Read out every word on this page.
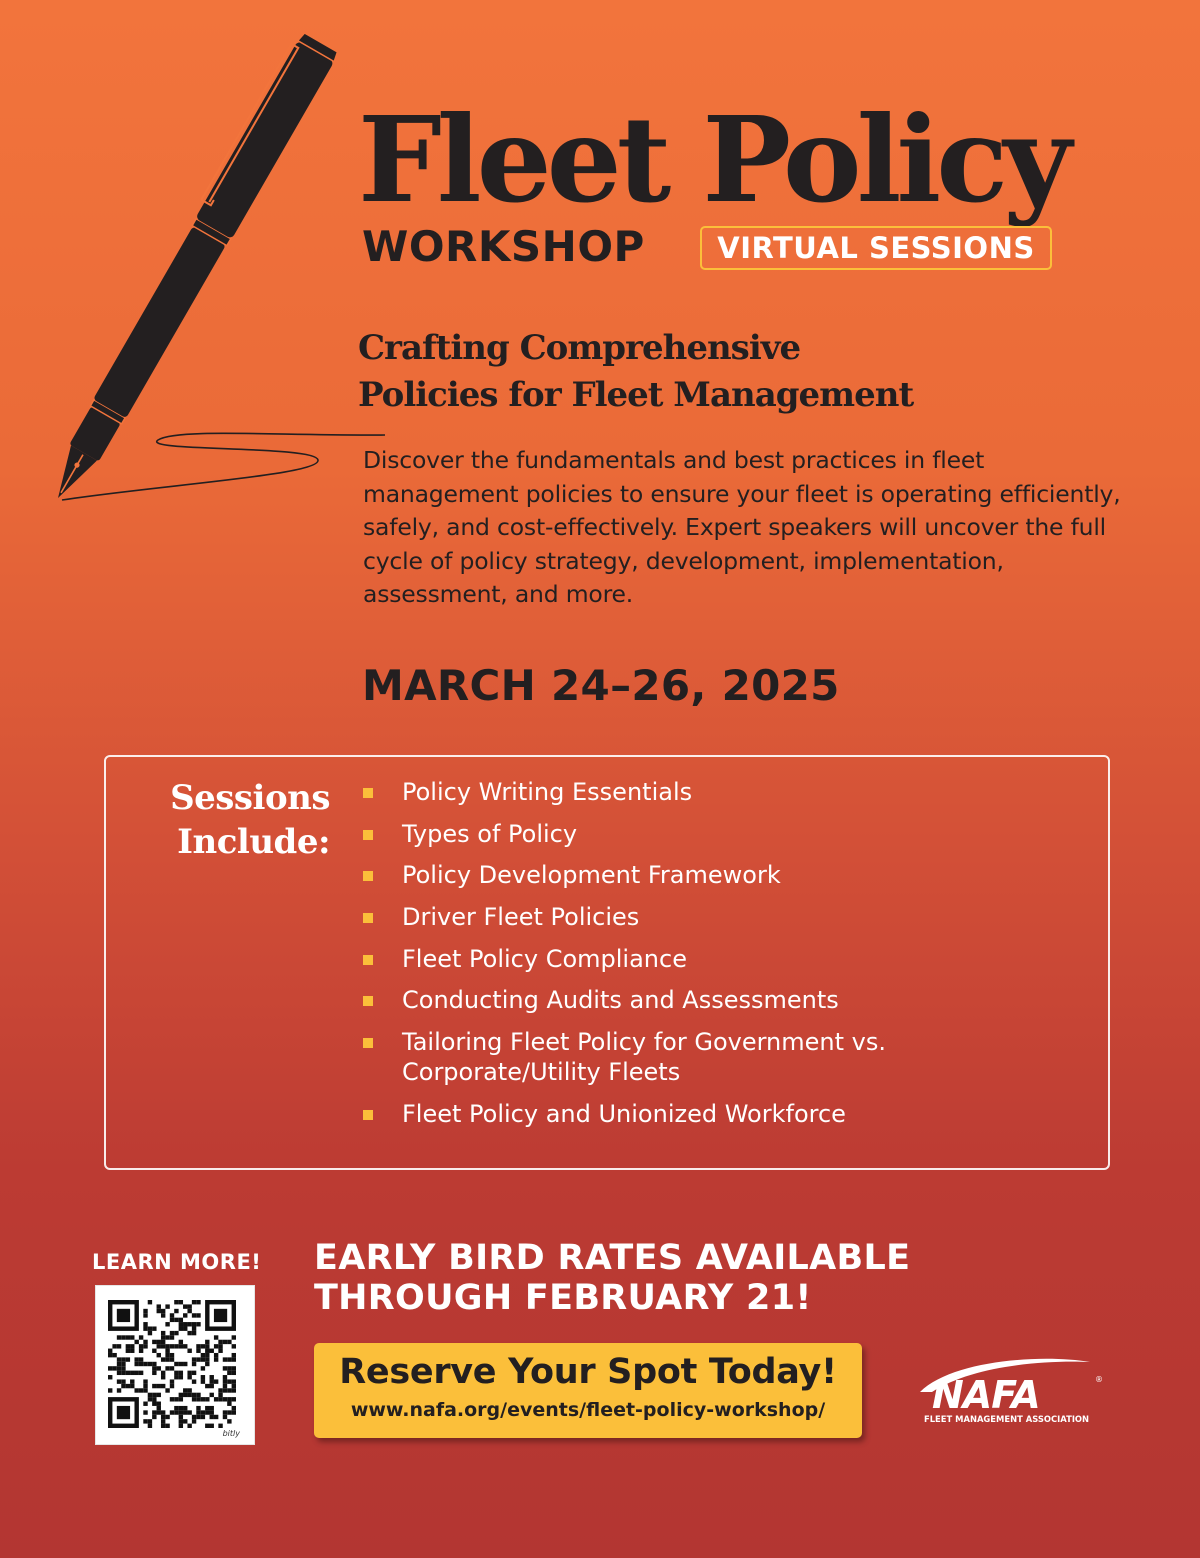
Fleet Policy
WORKSHOP	VIRTUAL SESSIONS
Crafting Comprehensive
Policies for Fleet Management

Discover the fundamentals and best practices in fleet management policies to ensure your fleet is operating efficiently, safely, and cost-effectively. Expert speakers will uncover the full cycle of policy strategy, development, implementation, assessment, and more.

MARCH 24–26, 2025
Sessions
Include:
Policy Writing Essentials
Types of Policy
Policy Development Framework
Driver Fleet Policies
Fleet Policy Compliance
Conducting Audits and Assessments
Tailoring Fleet Policy for Government vs. Corporate/Utility Fleets
Fleet Policy and Unionized Workforce
LEARN MORE!
bitly
EARLY BIRD RATES AVAILABLE
THROUGH FEBRUARY 21!
Reserve Your Spot Today!
www.nafa.org/events/fleet-policy-workshop/	NAFA	®
FLEET MANAGEMENT ASSOCIATION
